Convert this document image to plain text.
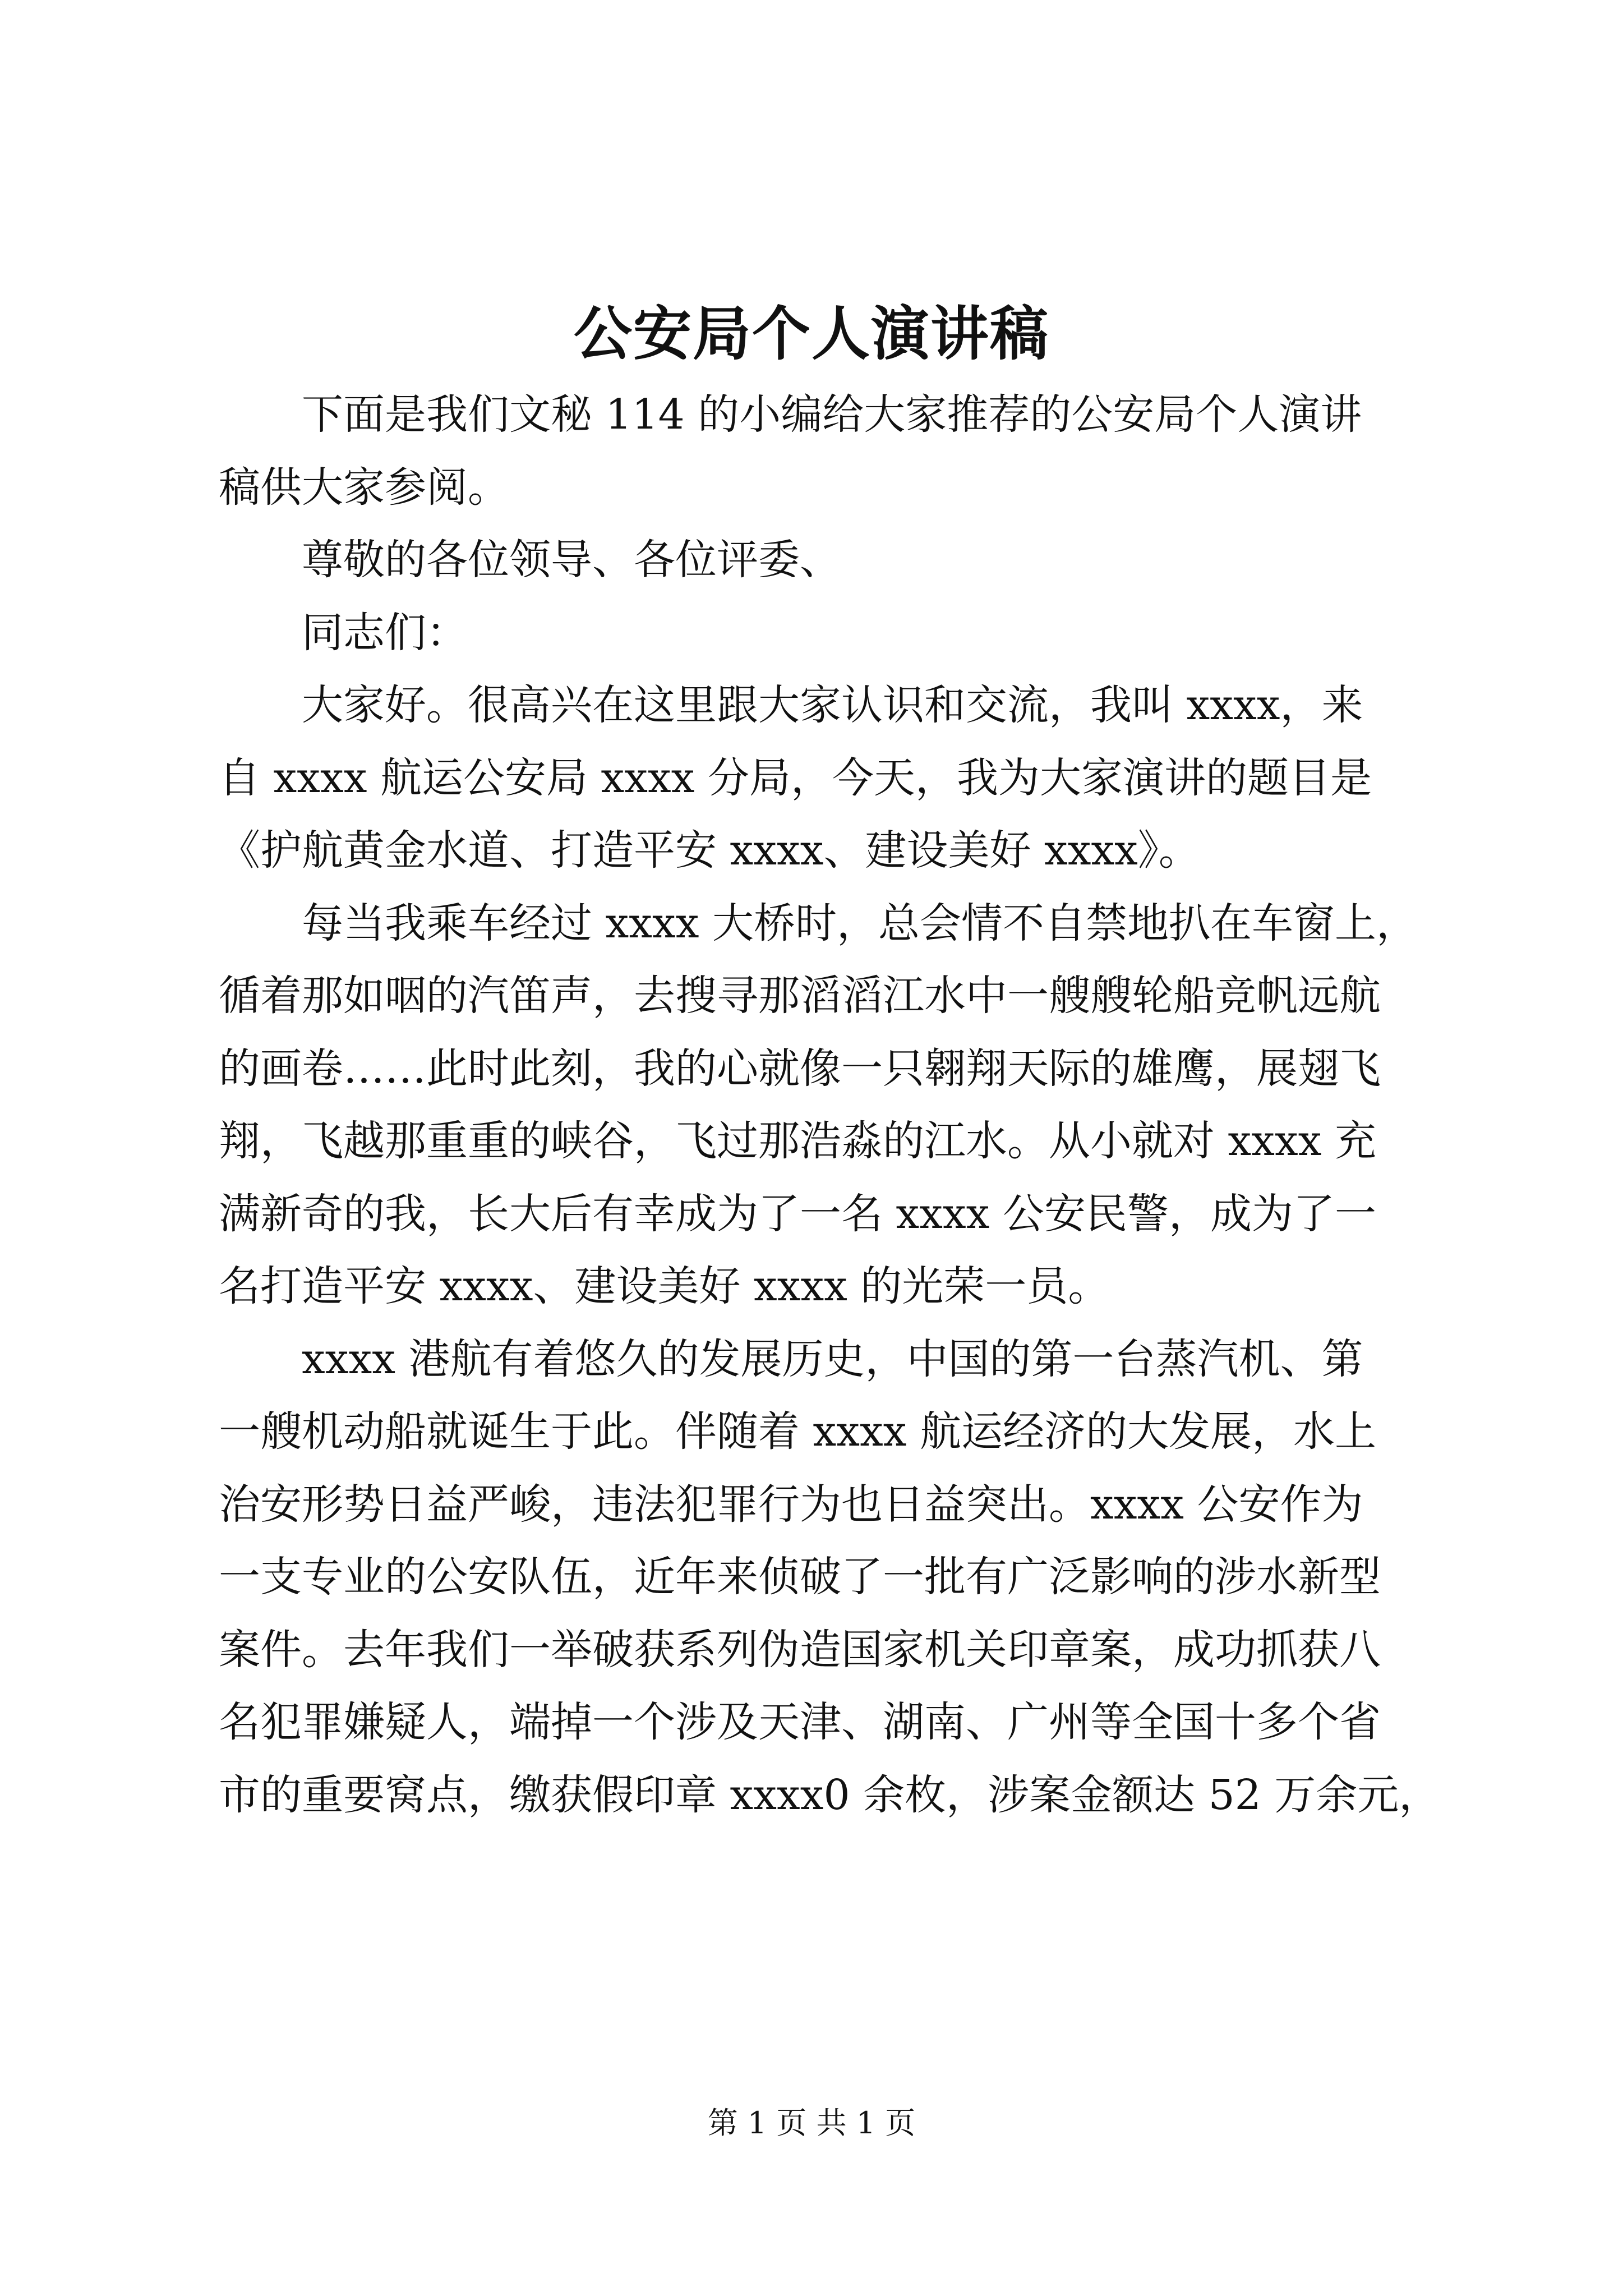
公安局个人演讲稿

下面是我们文秘 114 的小编给大家推荐的公安局个人演讲
稿供大家参阅。

尊敬的各位领导、各位评委、

同志们：

大家好。很高兴在这里跟大家认识和交流，我叫 xxxx，来
自 xxxx 航运公安局 xxxx 分局，今天，我为大家演讲的题目是
《护航黄金水道、打造平安 xxxx、建设美好 xxxx》。

每当我乘车经过 xxxx 大桥时，总会情不自禁地扒在车窗上，
循着那如咽的汽笛声，去搜寻那滔滔江水中一艘艘轮船竞帆远航
的画卷……此时此刻，我的心就像一只翱翔天际的雄鹰，展翅飞
翔，飞越那重重的峡谷，飞过那浩淼的江水。从小就对 xxxx 充
满新奇的我，长大后有幸成为了一名 xxxx 公安民警，成为了一
名打造平安 xxxx、建设美好 xxxx 的光荣一员。

xxxx 港航有着悠久的发展历史，中国的第一台蒸汽机、第
一艘机动船就诞生于此。伴随着 xxxx 航运经济的大发展，水上
治安形势日益严峻，违法犯罪行为也日益突出。xxxx 公安作为
一支专业的公安队伍，近年来侦破了一批有广泛影响的涉水新型
案件。去年我们一举破获系列伪造国家机关印章案，成功抓获八
名犯罪嫌疑人，端掉一个涉及天津、湖南、广州等全国十多个省
市的重要窝点，缴获假印章 xxxx0 余枚，涉案金额达 52 万余元，

第 1 页 共 1 页
